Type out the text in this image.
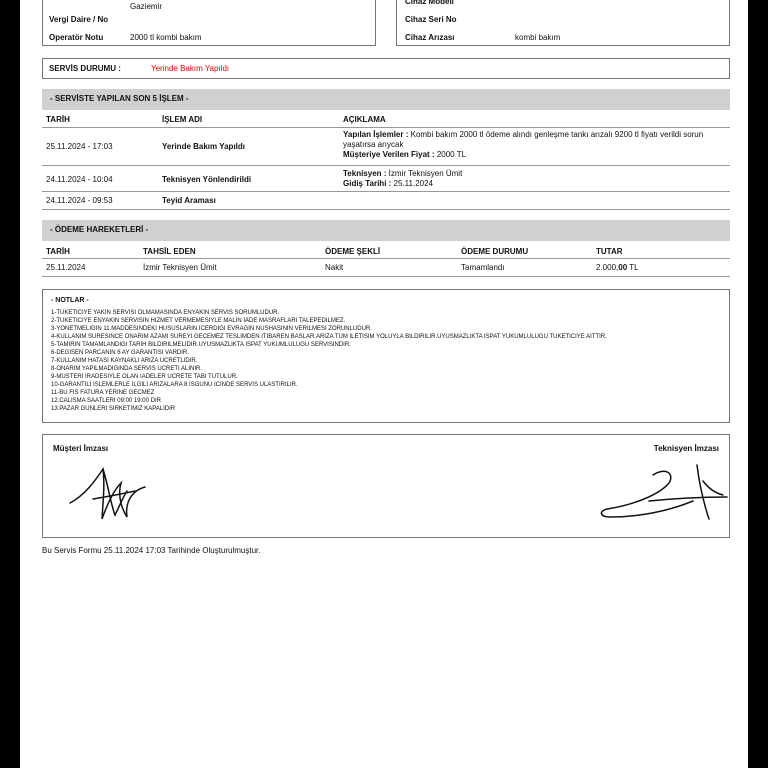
Gaziemir
Vergi Daire / No
Operatör Notu	2000 tl kombi bakım
Cihaz Modeli
Cihaz Seri No
Cihaz Arızası	kombi bakım
SERVİS DURUMU :	Yerinde Bakım Yapıldı
- SERVİSTE YAPILAN SON 5 İŞLEM -
TARİH	İŞLEM ADI	AÇIKLAMA
25.11.2024 - 17:03	Yerinde Bakım Yapıldı
Yapılan İşlemler : Kombi bakım 2000 tl ödeme alındı genleşme tankı arızalı 9200 tl fiyatı verildi sorun yaşatırsa arıycak
Müşteriye Verilen Fiyat : 2000 TL
24.11.2024 - 10:04	Teknisyen Yönlendirildi
Teknisyen : İzmir Teknisyen Ümit
Gidiş Tarihi : 25.11.2024
24.11.2024 - 09:53	Teyid Araması
- ÖDEME HAREKETLERİ -
TARİH	TAHSİL EDEN	ÖDEME ŞEKLİ	ÖDEME DURUMU	TUTAR
25.11.2024	İzmir Teknisyen Ümit	Nakit	Tamamlandı	2.000,00 TL
- NOTLAR -
1-TUKETICIYE YAKIN SERVISI OLMAMASINDA ENYAKIN SERVIS SORUMLUDUR.
2-TUKETICIYE ENYAKIN SERVISIN HIZMET VERMEMESIYLE MALIN IADE MASRAFLARI TALEPEDILMEZ.
3-YONETMELIGIN 11.MADDESINDEKI HUSUSLARIN ICERDIGI EVRAGIN NUSHASININ VERILMESI ZORUNLUDUR.
4-KULLANIM SURESINCE ONARIM AZAMI SUREYI GECEMEZ TESLIMDEN ITIBAREN BASLAR.ARIZA TUM ILETISIM YOLUYLA BILDIRILIR.UYUSMAZLIKTA ISPAT YUKUMLULUGU TUKETICIYE AITTIR.
5-TAMIRIN TAMAMLANDIGI TARIH BILDIRILMELIDIR.UYUSMAZLIKTA ISPAT YUKUMLULUGU SERVISINDIR.
6-DEGISEN PARCANIN 6 AY GARANTISI VARDIR.
7-KULLANIM HATASI KAYNAKLI ARIZA UCRETLIDIR.
8-ONARIM YAPILMADIGINDA SERVIS UCRETI ALINIR.
9-MUSTERI IRADESIYLE OLAN IADELER UCRETE TABI TUTULUR.
10-GARANTILI ISLEMLERLE ILGILI ARIZALARA 8 ISGUNU ICINDE SERVIS ULASTIRILIR.
11-BU FIS FATURA YERINE GECMEZ
12.CALISMA SAATLERI 09:00 19:00 DIR
13.PAZAR GUNLERI SIRKETIMIZ KAPALIDIR
Müşteri İmzası	Teknisyen İmzası
Bu Servis Formu 25.11.2024 17:03 Tarihinde Oluşturulmuştur.
